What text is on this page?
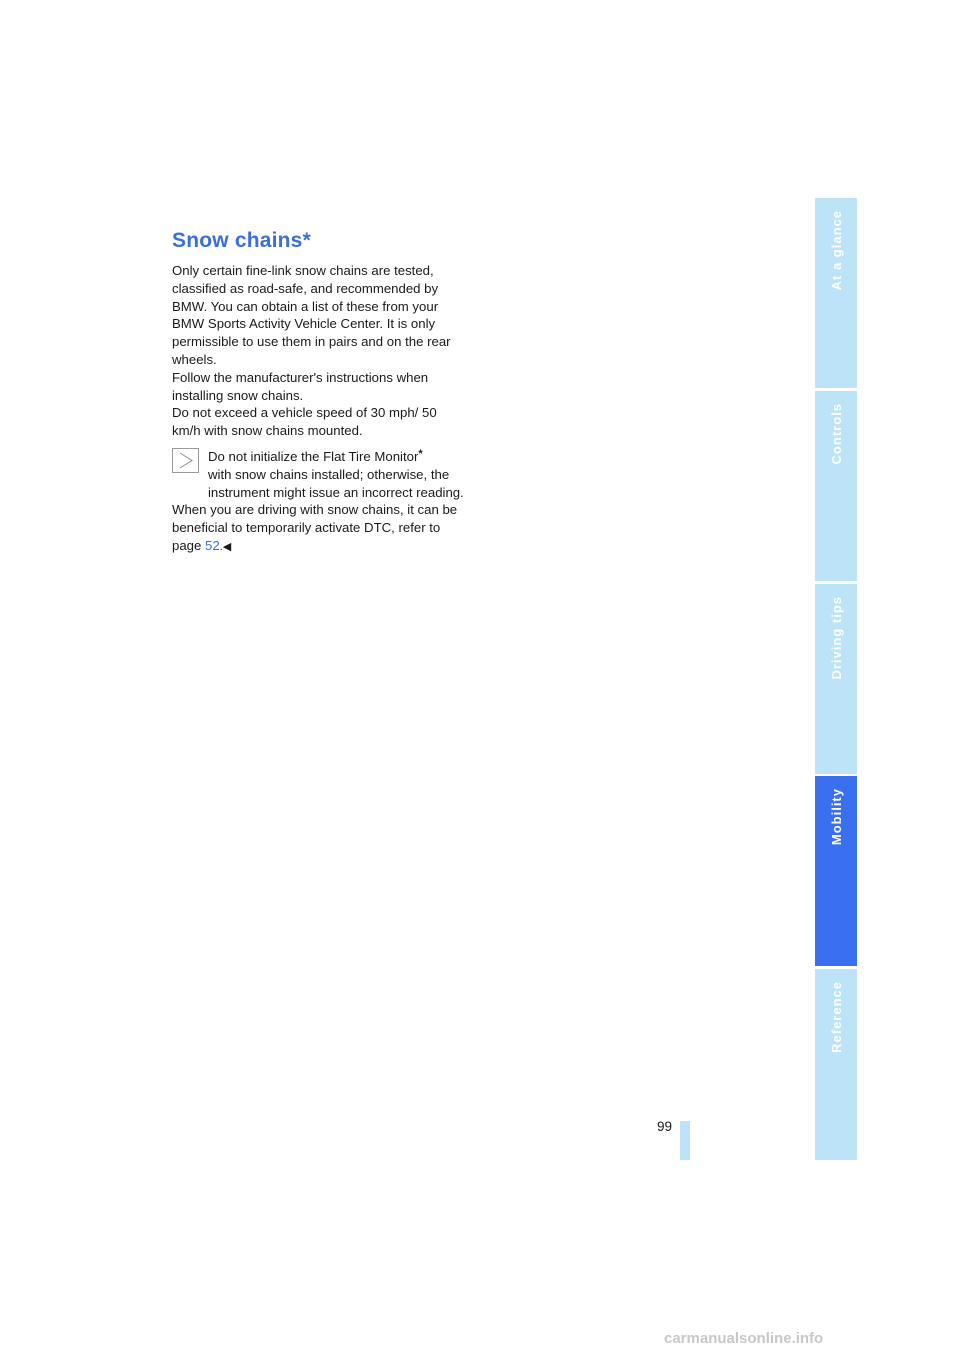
Snow chains*

Only certain fine-link snow chains are tested, classified as road-safe, and recommended by BMW. You can obtain a list of these from your BMW Sports Activity Vehicle Center. It is only permissible to use them in pairs and on the rear wheels.

Follow the manufacturer's instructions when installing snow chains.

Do not exceed a vehicle speed of 30 mph/ 50 km/h with snow chains mounted.

Do not initialize the Flat Tire Monitor*

with snow chains installed; otherwise, the instrument might issue an incorrect reading.

When you are driving with snow chains, it can be beneficial to temporarily activate DTC, refer to page 52.◀

At a glance
Controls
Driving tips
Mobility
Reference
99
carmanualsonline.info
